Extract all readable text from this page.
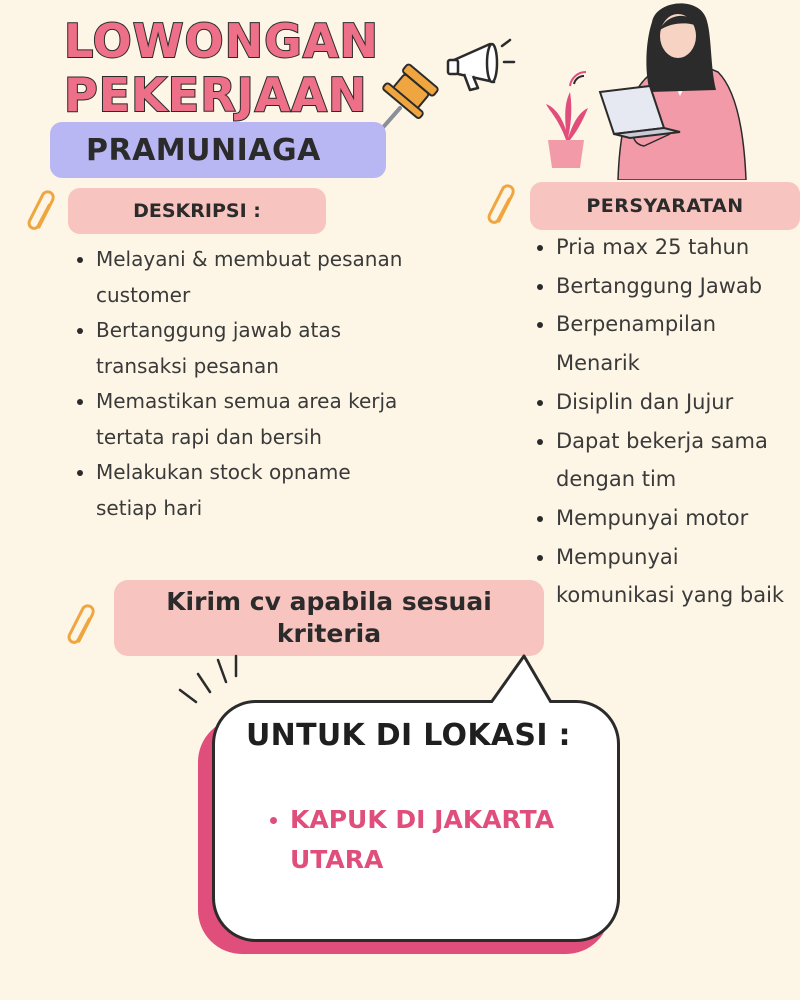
LOWONGAN
PEKERJAAN
PRAMUNIAGA
DESKRIPSI :
Melayani & membuat pesanan customer
Bertanggung jawab atas transaksi pesanan
Memastikan semua area kerja tertata rapi dan bersih
Melakukan stock opname setiap hari
PERSYARATAN
Pria max 25 tahun
Bertanggung Jawab
Berpenampilan Menarik
Disiplin dan Jujur
Dapat bekerja sama dengan tim
Mempunyai motor
Mempunyai komunikasi yang baik
Kirim cv apabila sesuai kriteria
UNTUK DI LOKASI :
KAPUK DI JAKARTA UTARA
